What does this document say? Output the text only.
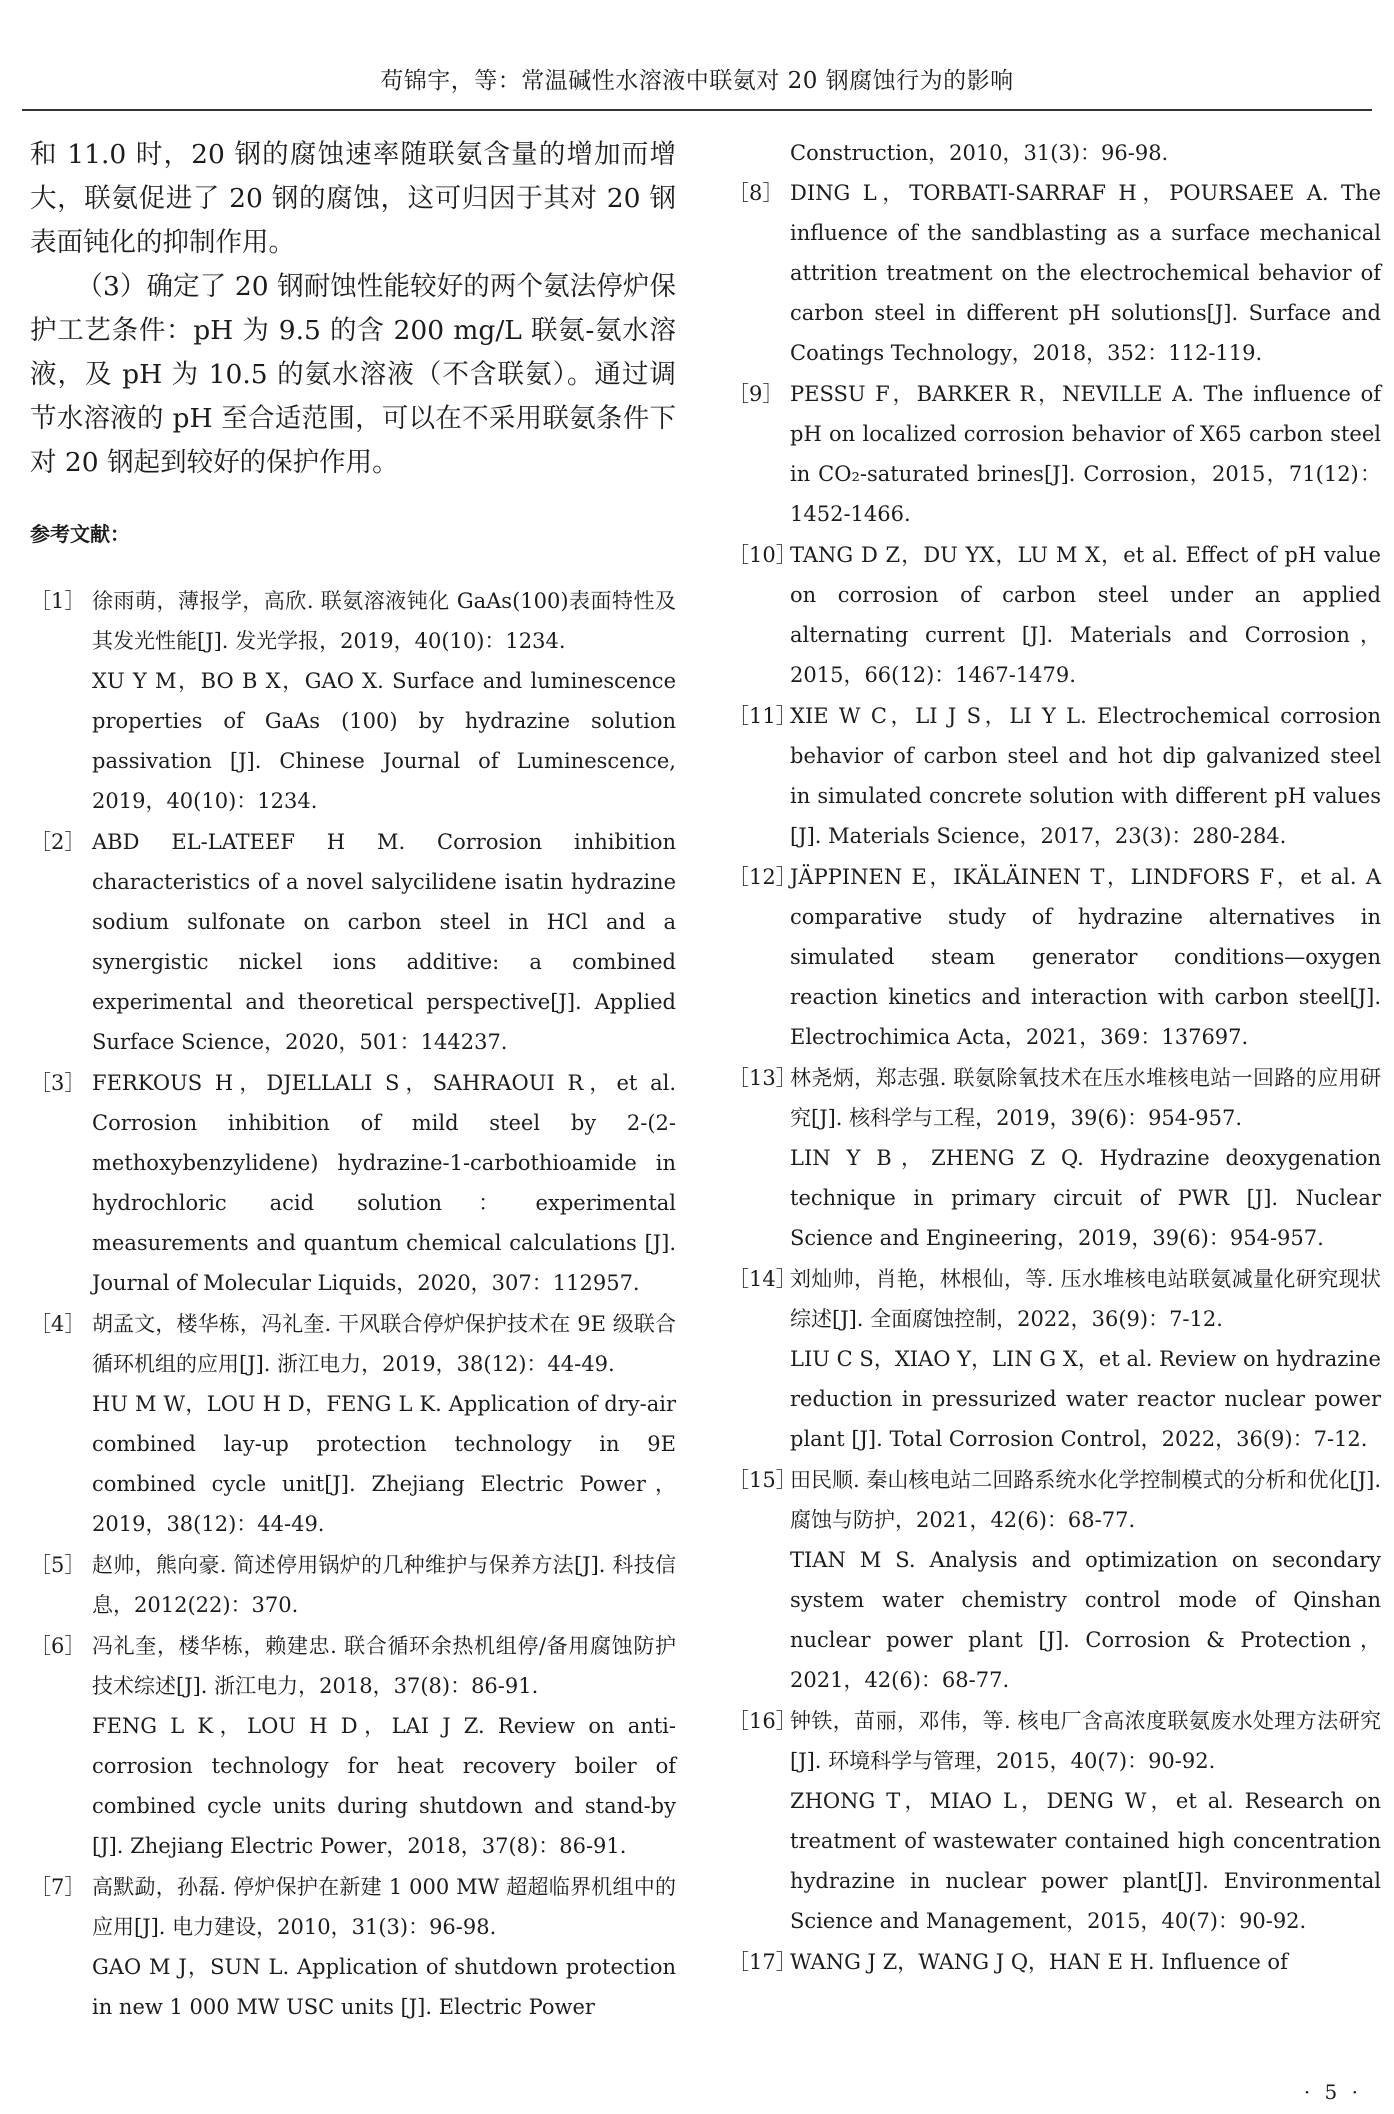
苟锦宇，等：常温碱性水溶液中联氨对 20 钢腐蚀行为的影响

和 11.0 时，20 钢的腐蚀速率随联氨含量的增加而增大，联氨促进了 20 钢的腐蚀，这可归因于其对 20 钢表面钝化的抑制作用。

（3）确定了 20 钢耐蚀性能较好的两个氨法停炉保护工艺条件：pH 为 9.5 的含 200 mg/L 联氨-氨水溶液，及 pH 为 10.5 的氨水溶液（不含联氨）。通过调节水溶液的 pH 至合适范围，可以在不采用联氨条件下对 20 钢起到较好的保护作用。

参考文献：
［1］ 徐雨萌，薄报学，高欣. 联氨溶液钝化 GaAs(100)表面特性及其发光性能[J]. 发光学报，2019，40(10)：1234.
XU Y M，BO B X，GAO X. Surface and luminescence properties of GaAs (100) by hydrazine solution passivation [J]. Chinese Journal of Luminescence, 2019，40(10)：1234.
［2］ ABD EL-LATEEF H M. Corrosion inhibition characteristics of a novel salycilidene isatin hydrazine sodium sulfonate on carbon steel in HCl and a synergistic nickel ions additive: a combined experimental and theoretical perspective[J]. Applied Surface Science，2020，501：144237.
［3］ FERKOUS H，DJELLALI S，SAHRAOUI R，et al. Corrosion inhibition of mild steel by 2-(2-methoxybenzylidene) hydrazine-1-carbothioamide in hydrochloric acid solution：experimental measurements and quantum chemical calculations [J]. Journal of Molecular Liquids，2020，307：112957.
［4］ 胡孟文，楼华栋，冯礼奎. 干风联合停炉保护技术在 9E 级联合循环机组的应用[J]. 浙江电力，2019，38(12)：44-49.
HU M W，LOU H D，FENG L K. Application of dry-air combined lay-up protection technology in 9E combined cycle unit[J]. Zhejiang Electric Power，2019，38(12)：44-49.
［5］ 赵帅，熊向豪. 简述停用锅炉的几种维护与保养方法[J]. 科技信息，2012(22)：370.
［6］ 冯礼奎，楼华栋，赖建忠. 联合循环余热机组停/备用腐蚀防护技术综述[J]. 浙江电力，2018，37(8)：86-91.
FENG L K，LOU H D，LAI J Z. Review on anti-corrosion technology for heat recovery boiler of combined cycle units during shutdown and stand-by [J]. Zhejiang Electric Power，2018，37(8)：86-91.
［7］ 高默勐，孙磊. 停炉保护在新建 1 000 MW 超超临界机组中的应用[J]. 电力建设，2010，31(3)：96-98.
GAO M J，SUN L. Application of shutdown protection in new 1 000 MW USC units [J]. Electric Power
Construction，2010，31(3)：96-98.
［8］ DING L，TORBATI-SARRAF H，POURSAEE A. The influence of the sandblasting as a surface mechanical attrition treatment on the electrochemical behavior of carbon steel in different pH solutions[J]. Surface and Coatings Technology，2018，352：112-119.
［9］ PESSU F，BARKER R，NEVILLE A. The influence of pH on localized corrosion behavior of X65 carbon steel in CO₂-saturated brines[J]. Corrosion，2015，71(12)：1452-1466.
［10］
TANG D Z，DU YX，LU M X，et al. Effect of pH value on corrosion of carbon steel under an applied alternating current [J]. Materials and Corrosion，2015，66(12)：1467-1479.
［11］
XIE W C，LI J S，LI Y L. Electrochemical corrosion behavior of carbon steel and hot dip galvanized steel in simulated concrete solution with different pH values [J]. Materials Science，2017，23(3)：280-284.
［12］
JÄPPINEN E，IKÄLÄINEN T，LINDFORS F，et al. A comparative study of hydrazine alternatives in simulated steam generator conditions—oxygen reaction kinetics and interaction with carbon steel[J]. Electrochimica Acta，2021，369：137697.
［13］
林尧炳，郑志强. 联氨除氧技术在压水堆核电站一回路的应用研究[J]. 核科学与工程，2019，39(6)：954-957.
LIN Y B，ZHENG Z Q. Hydrazine deoxygenation technique in primary circuit of PWR [J]. Nuclear Science and Engineering，2019，39(6)：954-957.
［14］
刘灿帅，肖艳，林根仙，等. 压水堆核电站联氨减量化研究现状综述[J]. 全面腐蚀控制，2022，36(9)：7-12.
LIU C S，XIAO Y，LIN G X，et al. Review on hydrazine reduction in pressurized water reactor nuclear power plant [J]. Total Corrosion Control，2022，36(9)：7-12.
［15］
田民顺. 秦山核电站二回路系统水化学控制模式的分析和优化[J]. 腐蚀与防护，2021，42(6)：68-77.
TIAN M S. Analysis and optimization on secondary system water chemistry control mode of Qinshan nuclear power plant [J]. Corrosion & Protection，2021，42(6)：68-77.
［16］
钟铁，苗丽，邓伟，等. 核电厂含高浓度联氨废水处理方法研究[J]. 环境科学与管理，2015，40(7)：90-92.
ZHONG T，MIAO L，DENG W，et al. Research on treatment of wastewater contained high concentration hydrazine in nuclear power plant[J]. Environmental Science and Management，2015，40(7)：90-92.
［17］
WANG J Z，WANG J Q，HAN E H. Influence of
· 5 ·
